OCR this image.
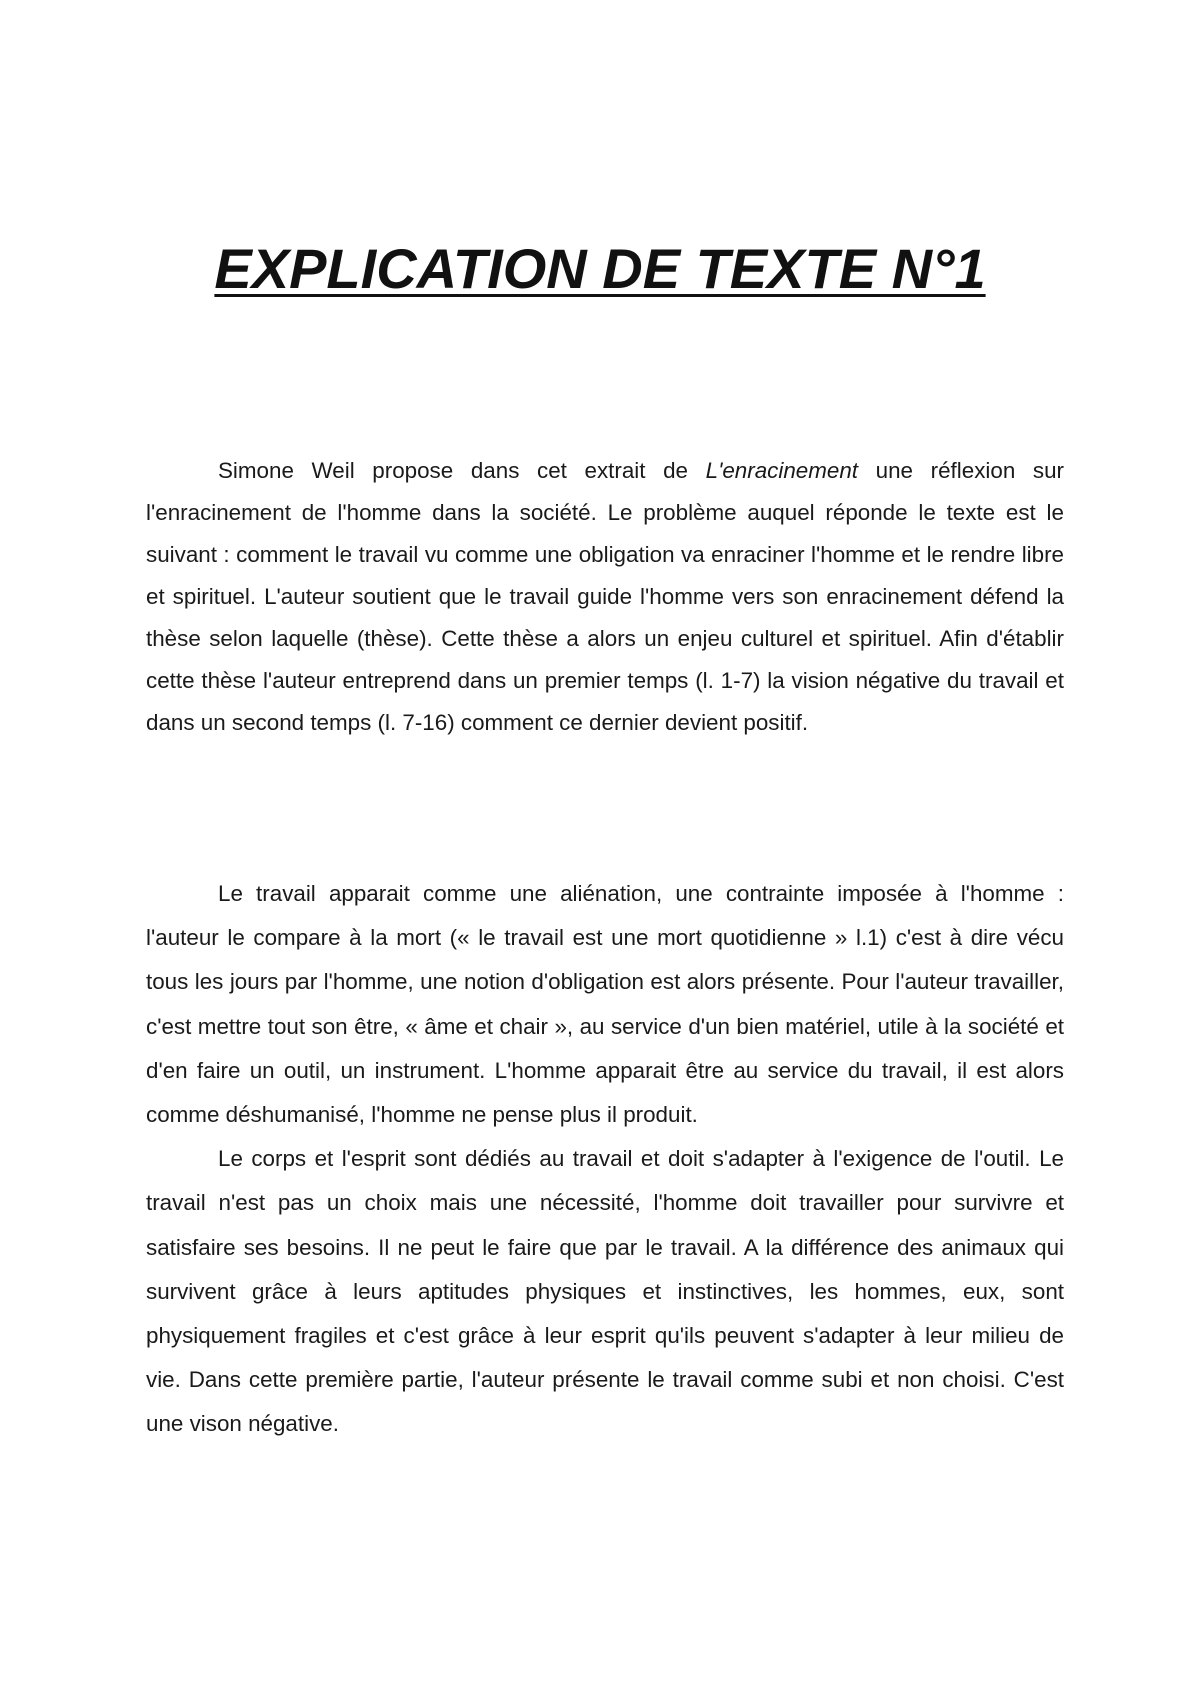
EXPLICATION DE TEXTE N°1

Simone Weil propose dans cet extrait de L'enracinement une réflexion sur l'enracinement de l'homme dans la société. Le problème auquel réponde le texte est le suivant : comment le travail vu comme une obligation va enraciner l'homme et le rendre libre et spirituel. L'auteur soutient que le travail guide l'homme vers son enracinement défend la thèse selon laquelle (thèse). Cette thèse a alors un enjeu culturel et spirituel. Afin d'établir cette thèse l'auteur entreprend dans un premier temps (l. 1-7) la vision négative du travail et dans un second temps (l. 7-16) comment ce dernier devient positif.

Le travail apparait comme une aliénation, une contrainte imposée à l'homme : l'auteur le compare à la mort (« le travail est une mort quotidienne » l.1) c'est à dire vécu tous les jours par l'homme, une notion d'obligation est alors présente. Pour l'auteur travailler, c'est mettre tout son être, « âme et chair », au service d'un bien matériel, utile à la société et d'en faire un outil, un instrument. L'homme apparait être au service du travail, il est alors comme déshumanisé, l'homme ne pense plus il produit.

Le corps et l'esprit sont dédiés au travail et doit s'adapter à l'exigence de l'outil. Le travail n'est pas un choix mais une nécessité, l'homme doit travailler pour survivre et satisfaire ses besoins. Il ne peut le faire que par le travail. A la différence des animaux qui survivent grâce à leurs aptitudes physiques et instinctives, les hommes, eux, sont physiquement fragiles et c'est grâce à leur esprit qu'ils peuvent s'adapter à leur milieu de vie. Dans cette première partie, l'auteur présente le travail comme subi et non choisi. C'est une vison négative.
